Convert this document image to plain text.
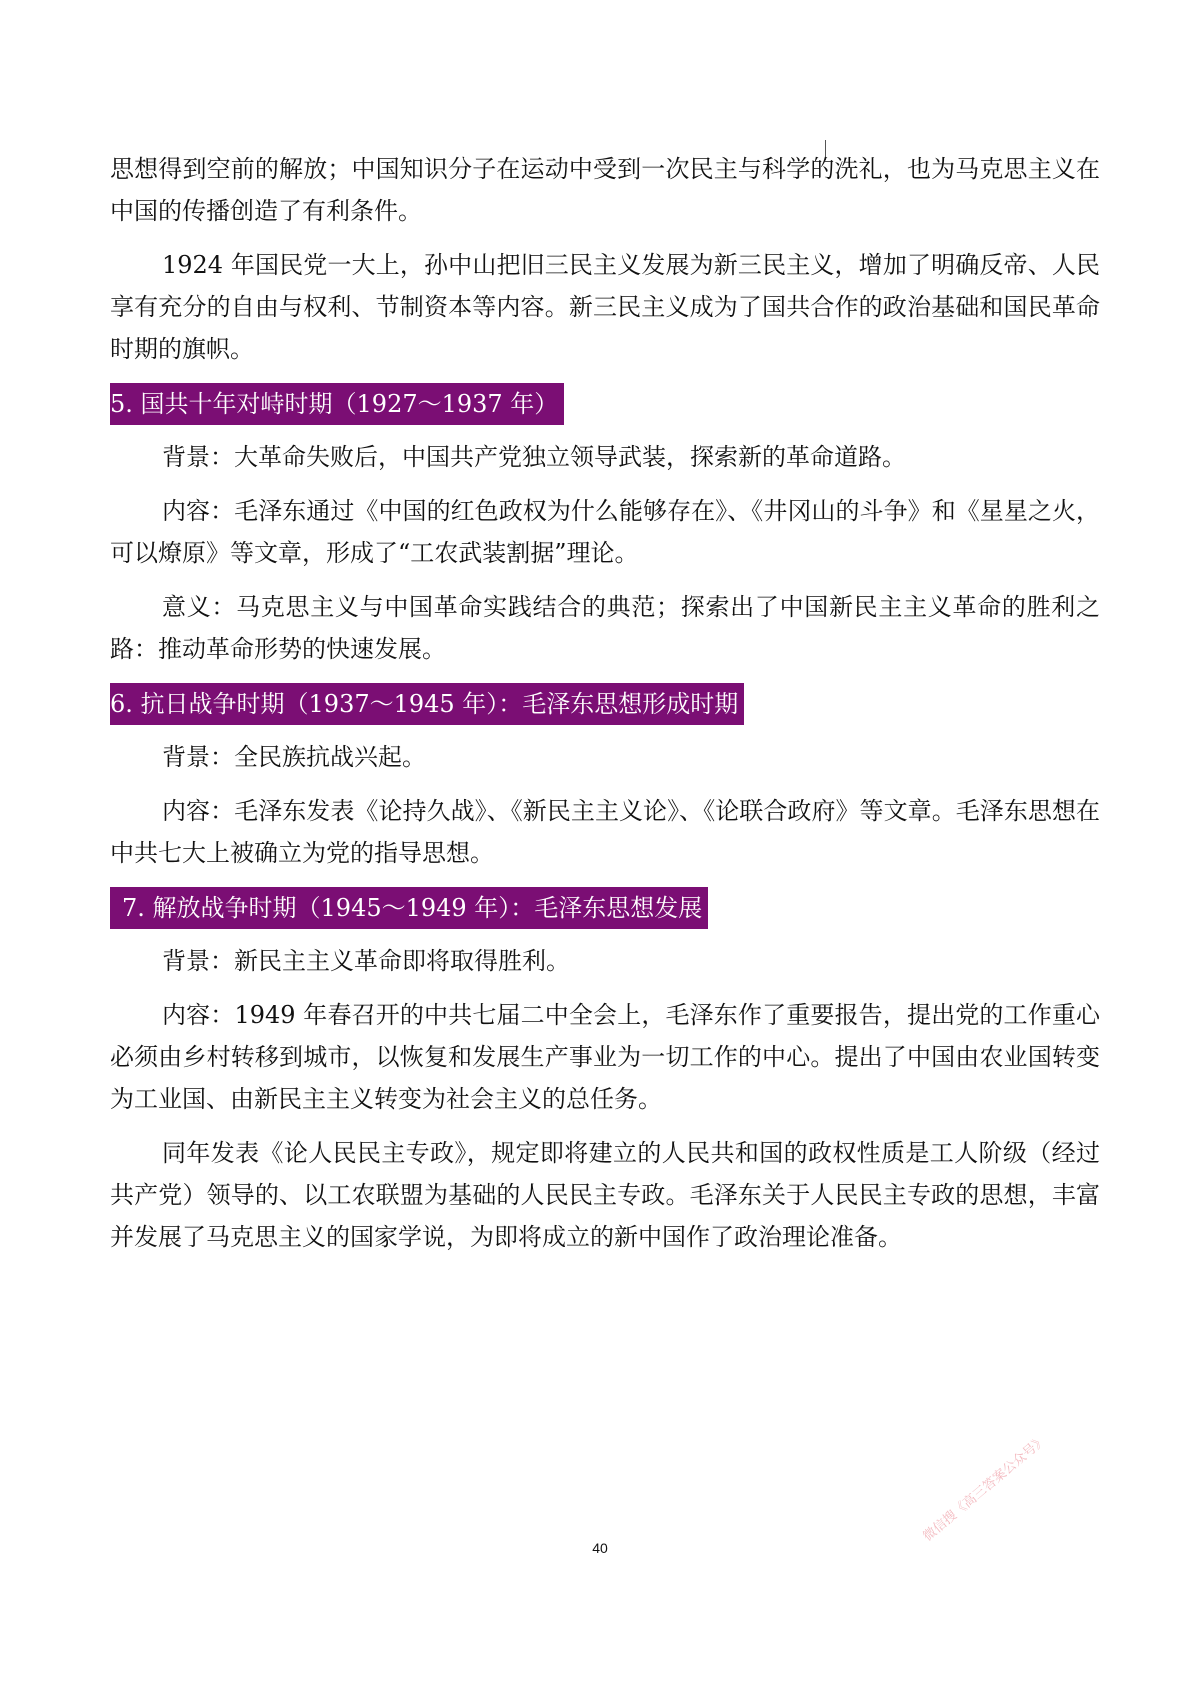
思想得到空前的解放；中国知识分子在运动中受到一次民主与科学的洗礼，也为马克思主义在中国的传播创造了有利条件。

1924 年国民党一大上，孙中山把旧三民主义发展为新三民主义，增加了明确反帝、人民享有充分的自由与权利、节制资本等内容。新三民主义成为了国共合作的政治基础和国民革命时期的旗帜。

5. 国共十年对峙时期（1927～1937 年）

背景：大革命失败后，中国共产党独立领导武装，探索新的革命道路。

内容：毛泽东通过《中国的红色政权为什么能够存在》、《井冈山的斗争》和《星星之火，可以燎原》等文章，形成了“工农武装割据”理论。

意义：马克思主义与中国革命实践结合的典范；探索出了中国新民主主义革命的胜利之路：推动革命形势的快速发展。

6. 抗日战争时期（1937～1945 年）：毛泽东思想形成时期

背景：全民族抗战兴起。

内容：毛泽东发表《论持久战》、《新民主主义论》、《论联合政府》等文章。毛泽东思想在中共七大上被确立为党的指导思想。

7. 解放战争时期（1945～1949 年）：毛泽东思想发展

背景：新民主主义革命即将取得胜利。

内容：1949 年春召开的中共七届二中全会上，毛泽东作了重要报告，提出党的工作重心必须由乡村转移到城市，以恢复和发展生产事业为一切工作的中心。提出了中国由农业国转变为工业国、由新民主主义转变为社会主义的总任务。

同年发表《论人民民主专政》，规定即将建立的人民共和国的政权性质是工人阶级（经过共产党）领导的、以工农联盟为基础的人民民主专政。毛泽东关于人民民主专政的思想，丰富并发展了马克思主义的国家学说，为即将成立的新中国作了政治理论准备。

40
微信搜《高三答案公众号》
